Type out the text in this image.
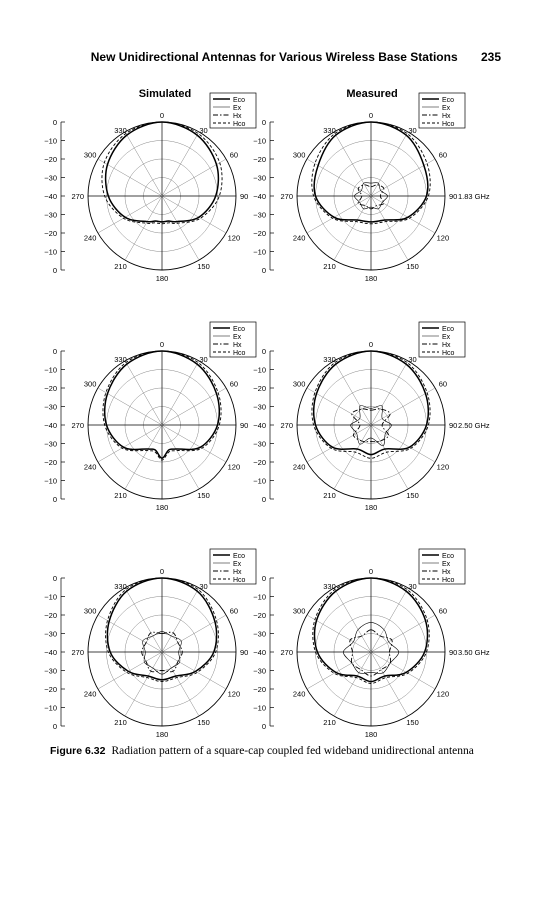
New Unidirectional Antennas for Various Wireless Base Stations 235
Simulated	Measured
0
30
60
90
120
150
180
210
240
270
300
330
0
−10
−20
−30
−40
−30
−20
−10
0
Eco
Ex
Hx
Hco
0
30
60
90
120
150
180
210
240
270
300
330
0
−10
−20
−30
−40
−30
−20
−10
0
Eco
Ex
Hx
Hco
1.83 GHz
0
30
60
90
120
150
180
210
240
270
300
330
0
−10
−20
−30
−40
−30
−20
−10
0
Eco
Ex
Hx
Hco
0
30
60
90
120
150
180
210
240
270
300
330
0
−10
−20
−30
−40
−30
−20
−10
0
Eco
Ex
Hx
Hco
2.50 GHz
0
30
60
90
120
150
180
210
240
270
300
330
0
−10
−20
−30
−40
−30
−20
−10
0
Eco
Ex
Hx
Hco
0
30
60
90
120
150
180
210
240
270
300
330
0
−10
−20
−30
−40
−30
−20
−10
0
Eco
Ex
Hx
Hco
3.50 GHz
Figure 6.32 Radiation pattern of a square-cap coupled fed wideband unidirectional antenna
